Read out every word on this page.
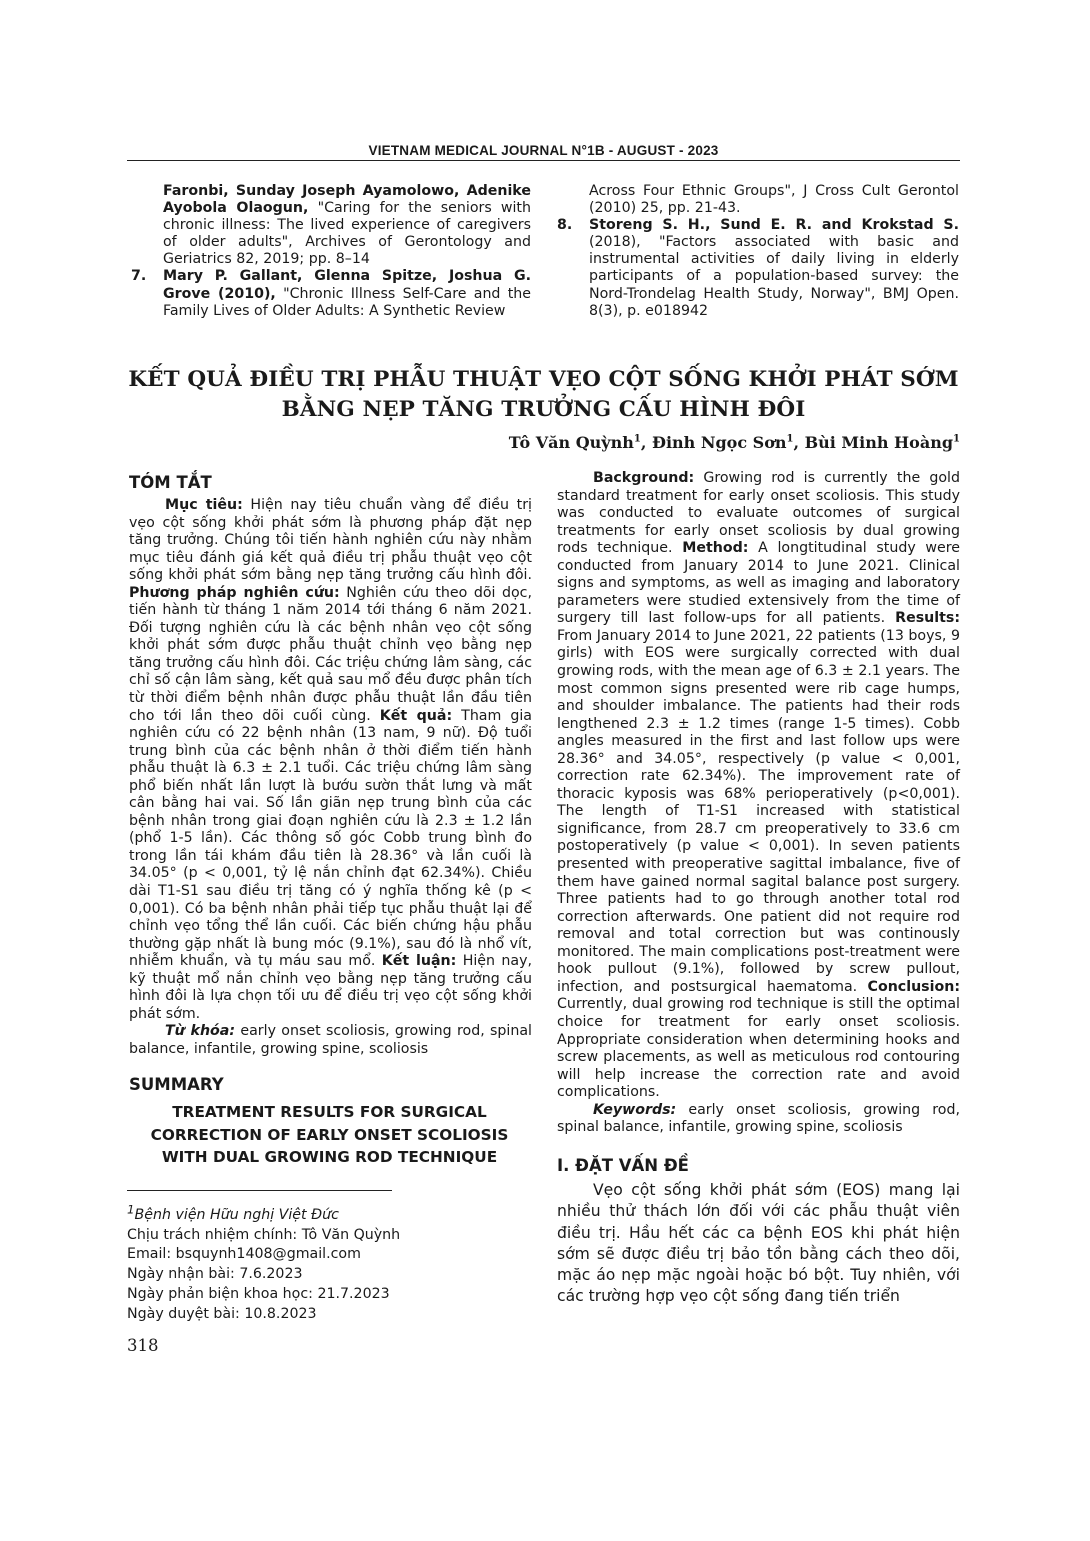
VIETNAM MEDICAL JOURNAL N°1B - AUGUST - 2023

Faronbi, Sunday Joseph Ayamolowo, Adenike Ayobola Olaogun, "Caring for the seniors with chronic illness: The lived experience of caregivers of older adults", Archives of Gerontology and Geriatrics 82, 2019; pp. 8–14

7. Mary P. Gallant, Glenna Spitze, Joshua G. Grove (2010), "Chronic Illness Self-Care and the Family Lives of Older Adults: A Synthetic Review

Across Four Ethnic Groups", J Cross Cult Gerontol (2010) 25, pp. 21-43.

8. Storeng S. H., Sund E. R. and Krokstad S. (2018), "Factors associated with basic and instrumental activities of daily living in elderly participants of a population-based survey: the Nord-Trondelag Health Study, Norway", BMJ Open. 8(3), p. e018942

KẾT QUẢ ĐIỀU TRỊ PHẪU THUẬT VẸO CỘT SỐNG KHỞI PHÁT SỚM
BẰNG NẸP TĂNG TRƯỞNG CẤU HÌNH ĐÔI
Tô Văn Quỳnh$^1$, Đinh Ngọc Sơn$^1$, Bùi Minh Hoàng$^1$
TÓM TẮT

Mục tiêu: Hiện nay tiêu chuẩn vàng để điều trị vẹo cột sống khởi phát sớm là phương pháp đặt nẹp tăng trưởng. Chúng tôi tiến hành nghiên cứu này nhằm mục tiêu đánh giá kết quả điều trị phẫu thuật vẹo cột sống khởi phát sớm bằng nẹp tăng trưởng cấu hình đôi. Phương pháp nghiên cứu: Nghiên cứu theo dõi dọc, tiến hành từ tháng 1 năm 2014 tới tháng 6 năm 2021. Đối tượng nghiên cứu là các bệnh nhân vẹo cột sống khởi phát sớm được phẫu thuật chỉnh vẹo bằng nẹp tăng trưởng cấu hình đôi. Các triệu chứng lâm sàng, các chỉ số cận lâm sàng, kết quả sau mổ đều được phân tích từ thời điểm bệnh nhân được phẫu thuật lần đầu tiên cho tới lần theo dõi cuối cùng. Kết quả: Tham gia nghiên cứu có 22 bệnh nhân (13 nam, 9 nữ). Độ tuổi trung bình của các bệnh nhân ở thời điểm tiến hành phẫu thuật là 6.3 ± 2.1 tuổi. Các triệu chứng lâm sàng phổ biến nhất lần lượt là bướu sườn thắt lưng và mất cân bằng hai vai. Số lần giãn nẹp trung bình của các bệnh nhân trong giai đoạn nghiên cứu là 2.3 ± 1.2 lần (phổ 1-5 lần). Các thông số góc Cobb trung bình đo trong lần tái khám đầu tiên là 28.36° và lần cuối là 34.05° (p < 0,001, tỷ lệ nắn chỉnh đạt 62.34%). Chiều dài T1-S1 sau điều trị tăng có ý nghĩa thống kê (p < 0,001). Có ba bệnh nhân phải tiếp tục phẫu thuật lại để chỉnh vẹo tổng thể lần cuối. Các biến chứng hậu phẫu thường gặp nhất là bung móc (9.1%), sau đó là nhổ vít, nhiễm khuẩn, và tụ máu sau mổ. Kết luận: Hiện nay, kỹ thuật mổ nắn chỉnh vẹo bằng nẹp tăng trưởng cấu hình đôi là lựa chọn tối ưu để điều trị vẹo cột sống khởi phát sớm.

Từ khóa: early onset scoliosis, growing rod, spinal balance, infantile, growing spine, scoliosis

SUMMARY
TREATMENT RESULTS FOR SURGICAL CORRECTION OF EARLY ONSET SCOLIOSIS WITH DUAL GROWING ROD TECHNIQUE

$^1$Bệnh viện Hữu nghị Việt Đức

Chịu trách nhiệm chính: Tô Văn Quỳnh

Email: bsquynh1408@gmail.com

Ngày nhận bài: 7.6.2023

Ngày phản biện khoa học: 21.7.2023

Ngày duyệt bài: 10.8.2023

Background: Growing rod is currently the gold standard treatment for early onset scoliosis. This study was conducted to evaluate outcomes of surgical treatments for early onset scoliosis by dual growing rods technique. Method: A longtitudinal study were conducted from January 2014 to June 2021. Clinical signs and symptoms, as well as imaging and laboratory parameters were studied extensively from the time of surgery till last follow-ups for all patients. Results: From January 2014 to June 2021, 22 patients (13 boys, 9 girls) with EOS were surgically corrected with dual growing rods, with the mean age of 6.3 ± 2.1 years. The most common signs presented were rib cage humps, and shoulder imbalance. The patients had their rods lengthened 2.3 ± 1.2 times (range 1-5 times). Cobb angles measured in the first and last follow ups were 28.36° and 34.05°, respectively (p value < 0,001, correction rate 62.34%). The improvement rate of thoracic kyposis was 68% perioperatively (p<0,001). The length of T1-S1 increased with statistical significance, from 28.7 cm preoperatively to 33.6 cm postoperatively (p value < 0,001). In seven patients presented with preoperative sagittal imbalance, five of them have gained normal sagital balance post surgery. Three patients had to go through another total rod correction afterwards. One patient did not require rod removal and total correction but was continously monitored. The main complications post-treatment were hook pullout (9.1%), followed by screw pullout, infection, and postsurgical haematoma. Conclusion: Currently, dual growing rod technique is still the optimal choice for treatment for early onset scoliosis. Appropriate consideration when determining hooks and screw placements, as well as meticulous rod contouring will help increase the correction rate and avoid complications.

Keywords: early onset scoliosis, growing rod, spinal balance, infantile, growing spine, scoliosis

I. ĐẶT VẤN ĐỀ

Vẹo cột sống khởi phát sớm (EOS) mang lại nhiều thử thách lớn đối với các phẫu thuật viên điều trị. Hầu hết các ca bệnh EOS khi phát hiện sớm sẽ được điều trị bảo tồn bằng cách theo dõi, mặc áo nẹp mặc ngoài hoặc bó bột. Tuy nhiên, với các trường hợp vẹo cột sống đang tiến triển

318
